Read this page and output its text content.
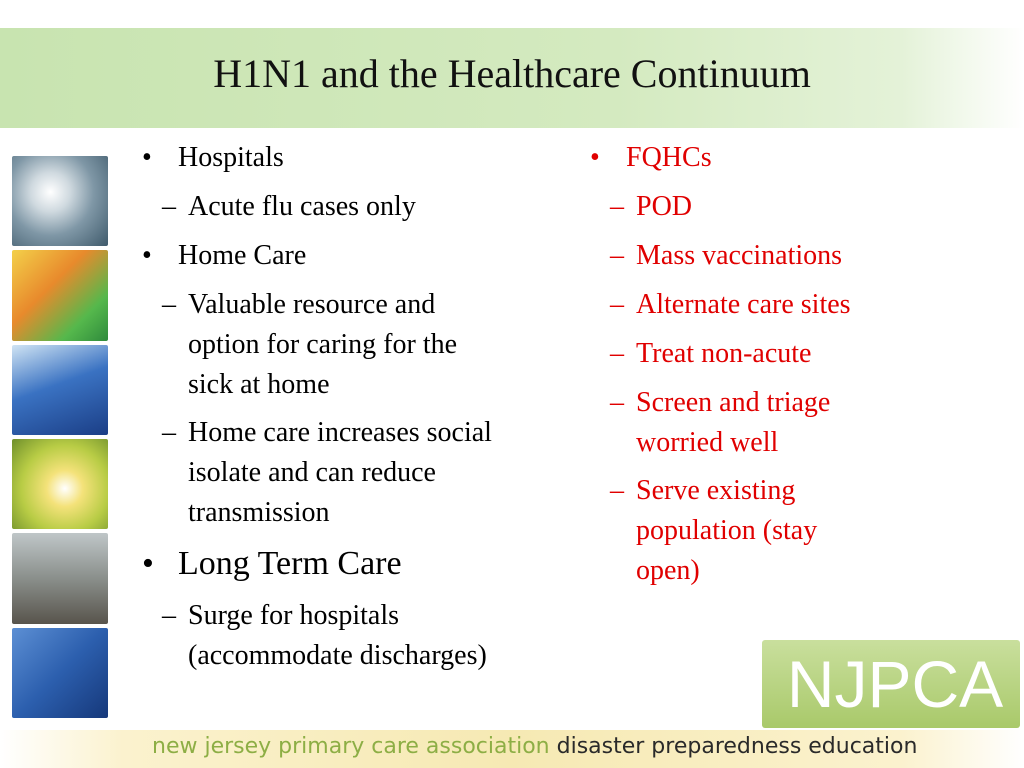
H1N1 and the Healthcare Continuum
• Hospitals
– Acute flu cases only
• Home Care
– Valuable resource and
option for caring for the
sick at home
– Home care increases social
isolate and can reduce
transmission
• Long Term Care
– Surge for hospitals
(accommodate discharges)
• FQHCs
– POD
– Mass vaccinations
– Alternate care sites
– Treat non-acute
– Screen and triage
worried well
– Serve existing
population (stay
open)
NJPCA
new jersey primary care association disaster preparedness education
